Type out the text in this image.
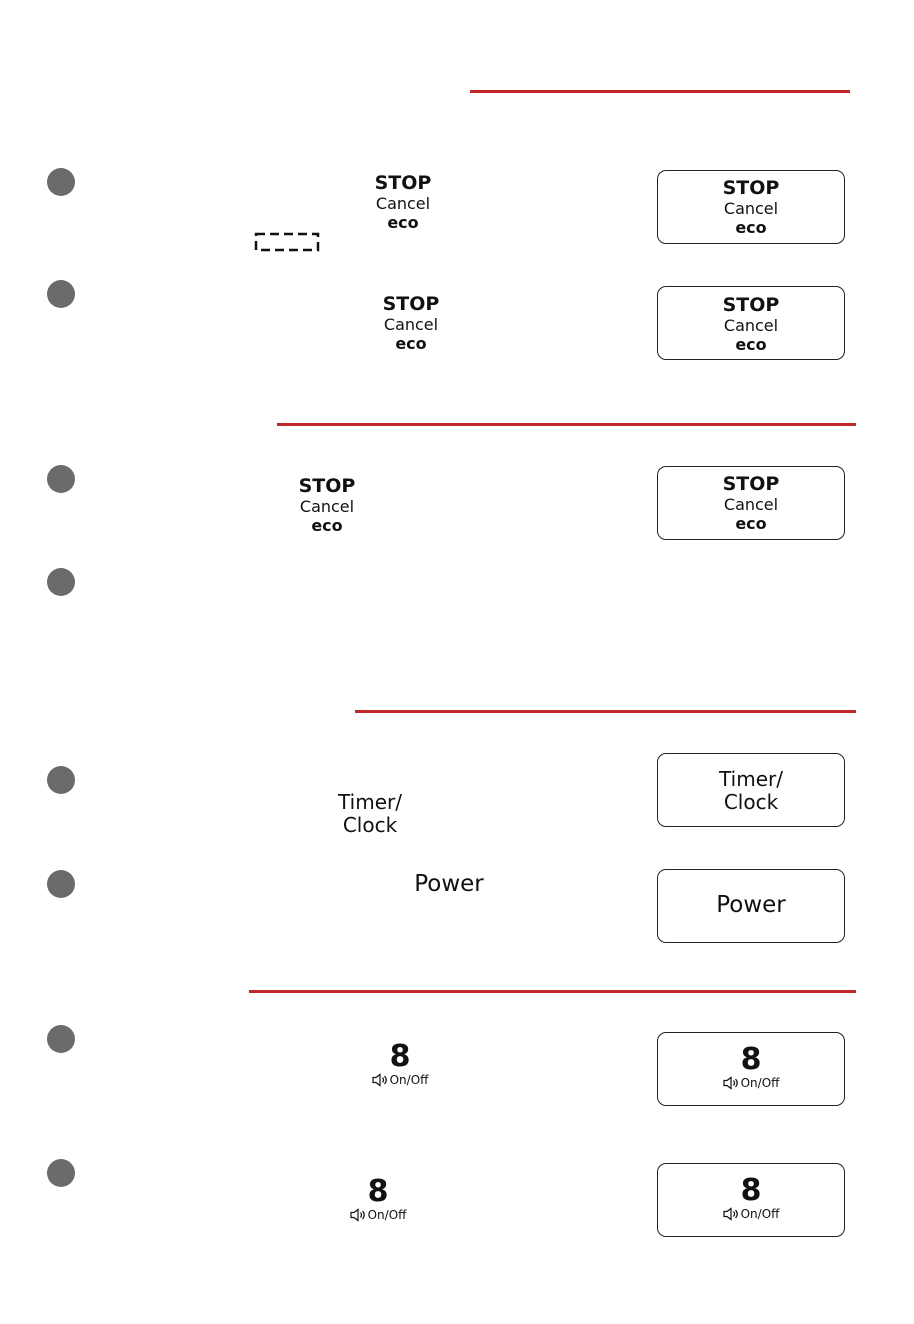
STOP
Cancel
eco
STOP
Cancel
eco
STOP
Cancel
eco
Timer/
Clock
Power
8
On/Off
8
On/Off
STOP
Cancel
eco
STOP
Cancel
eco
STOP
Cancel
eco
Timer/
Clock
Power
8
On/Off
8
On/Off
